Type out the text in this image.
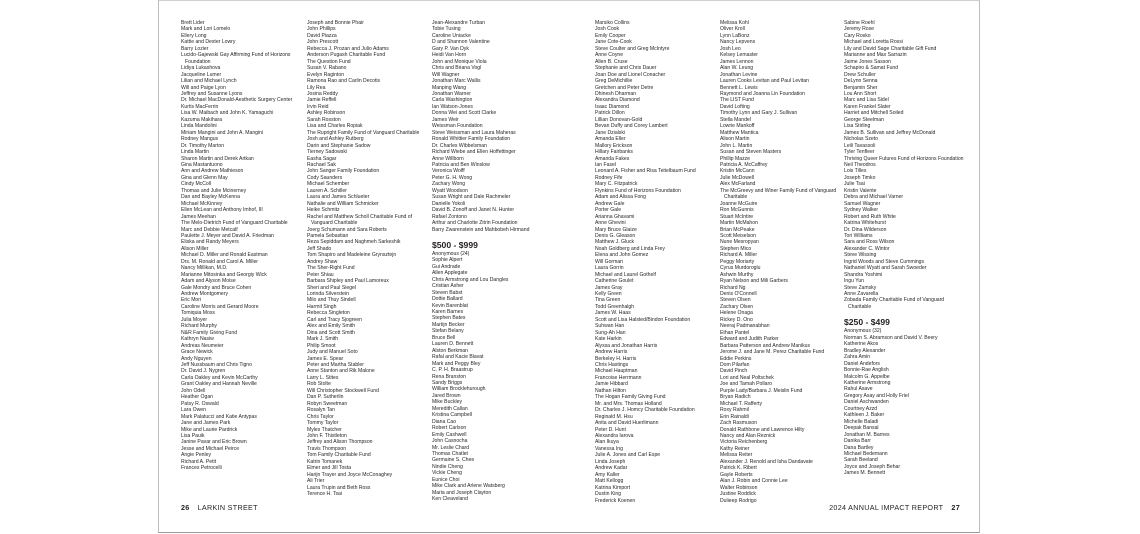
Brett Lider
Mark and Lori Lomelo
Ellery Long
Kattie and Dexter Lowry
Barry Lozier
Lucido-Gajewski Gay Affirming Fund of Horizons Foundation
Lidiya Lukashova
Jacqueline Lumer
Lilian and Michael Lynch
Will and Paige Lyon
Jeffrey and Susanne Lyons
Dr. Michael MacDonald-Aesthetic Surgery Center
Kurtis MacFerrin
Lisa W. Maibach and John K. Yamaguchi
Kazuma Makihara
Linda Mandolini
Miriam Mangini and John A. Mangini
Rodney Mangus
Dr. Timothy Marton
Linda Martin
Sharon Martin and Derek Artkan
Gina Mastantuono
Ann and Andrew Mathieson
Gina and Glenn May
Cindy McColl
Thomas and Julie Mcinerney
Dan and Bayley McKenna
Michael McKinney
Ellen McLean and Anthony Imhof, III
James Meehan
The Melo-Dietrich Fund of Vanguard Charitable
Marc and Debbie Metcalf
Paulette J. Meyer and David A. Friedman
Eliska and Randy Meyers
Alison Miller
Michael D. Miller and Ronald Eastman
Drs. M. Ronald and Carol A. Miller
Nancy Millikan, M.D.
Marianne Mitosinka and Georgiy Wick
Adam and Alyson Moise
Gale Mondry and Bruce Cohen
Andrew Montgomery
Eric Mori
Caroline Morris and Gerard Moore
Tomiquia Moss
Julia Moyer
Richard Murphy
N&R Family Giving Fund
Kathryn Nasiw
Andreas Neumeier
Grace Newick
Andy Nguyen
Jeff Nussbaum and Chris Tigno
Dr. David J. Nygren
Carla Oakley and Kevin McCarthy
Grant Oakley and Hannah Neville
John Odell
Heather Ogan
Patsy R. Oswald
Lara Owen
Mark Palatucci and Katie Antypas
Jane and James Park
Mike and Laurie Pardrick
Lisa Pauik
Janine Pavar and Eric Brown
Jesse and Michael Peirce
Angie Penley
Richard A. Petit
Frances Petrocelli
Joseph and Bonnie Phair
John Phillips
David Piazza
John Prescott
Rebecca J. Prozan and Julio Adams
Anderson Pugash Charitable Fund
The Question Fund
Susan V. Rabano
Evelyn Raginton
Ramona Rao and Carlin Decotis
Lily Rea
Josina Reddy
Jamie Reffell
Irvin Reid
Ashley Robinson
Sarah Rosston
Lisa and Charles Ropiak
The Rupright Family Fund of Vanguard Charitable
Josh and Ashley Rutberg
Darin and Stephanie Sadow
Tierney Sadowski
Easha Sagar
Rachael Sak
John Sanger Family Foundation
Cody Saunders
Michael Schember
Lauren A. Schiller
Laura and James Schlueter
Nathalie and William Schmicker
Heike Schmitz
Rachel and Matthew Scholl Charitable Fund of Vanguard Charitable
Joerg Schumann and Sara Roberts
Pamela Sebastian
Reza Sepiddam and Naghmeh Sarkeshik
Jeff Shado
Tom Shapiro and Madeleine Grynsztejn
Andrey Shaw
The Sher-Right Fund
Peter Shiau
Barbara Shipley and Paul Lamoreux
Sheri and Paul Siegel
Lorinda Silverstein
Milo and Thuy Sindell
Harmit Singh
Rebecca Singleton
Carl and Tracy Sjogreen
Alex and Emily Smith
Dina and Scott Smith
Mark J. Smith
Philip Smoot
Judy and Manuel Soto
James E. Spear
Peter and Martha Stabler
Anne Stanton and Rik Malone
Larry L. Stites
Rob Stolte
Will Christopher Stockwell Fund
Dan P. Sutherlin
Robyn Sweetman
Rosalyn Tan
Chris Taylor
Tommy Taylor
Myles Thatcher
John F. Thistleton
Jeffrey and Alison Thompson
Travis Thompson
Tom Family Charitable Fund
Katrin Tomanek
Elmer and Jill Tosta
Harijn Trayer and Joyce McConaghey
Ali Trier
Laura Trupin and Beth Ross
Terence H. Tsai
Jean-Alexandre Turban
Tobie Tusing
Caroline Uniacke
D and Shannon Valentine
Gary P. Van Dyk
Heidi Van Horn
John and Monique Viola
Chris and Briana Vogl
Will Wagner
Jonathan Marc Wallis
Manping Wang
Jonathan Warner
Carla Washington
Ian Watson-Jones
Donna Wei and Scott Clarke
James Weir
Weissman Foundation
Steve Weissman and Laura Maheras
Ronald Whittier Family Foundation
Dr. Charles Wibbelsman
Richard Wiebe and Ellen Hoffettinger
Anne Willborn
Patricia and Ben Winslow
Veronica Wolff
Peter G. H. Wong
Zachary Wong
Wyatt Woodson
Susan Wright and Dale Rachmeler
Danielle Yokoli
David B. Zonoff and Janet N. Hunter
Rafael Zontono
Arthur and Charlotte Zitrin Foundation
Barry Zwarenstein and Mahbobeh Hirmand
$500 - $999
Anonymous (24)
Sophie Alpert
Gui Andrade
Allen Applegate
Chris Armstrong and Lou Dangles
Cristian Asher
Steven Babst
Dottie Ballard
Kevin Barenblat
Karen Barnes
Stephen Bates
Martijn Becker
Stefan Belany
Bruce Bell
Lauren D. Bennett
Alston Berkman
Rafal and Kacie Blavat
Mark and Peggy Bley
C. P. H. Braastrup
Rena Branston
Sandy Briggs
William Brocklehurough
Jared Brown
Mike Buckley
Meredith Callan
Kristina Campbell
Diana Cao
Robert Carlson
Emily Cashwell
John Casnocha
Mr. Leslie Chard
Thomas Chatlet
Germaine S. Chee
Nindie Cheng
Vickie Cheng
Eunice Choi
Mike Clark and Arlene Watsberg
Maria and Joseph Clayton
Ken Cleaveland
Marsiko Collins
Josh Cook
Emily Cooper
Jane Cote-Cook
Steve Coulter and Greg McIntyre
Anne Coyne
Allen B. Cruse
Stephanie and Chris Dauer
Joan Doe and Lionel Conacher
Greg DeMichillie
Gretchen and Peter Detre
Dhinesh Dharman
Alexandra Diamond
Isaac Diamond
Patrick Dillon
Lillian Donovan-Gold
Bevan Duffy and Corey Lambert
Jane Dzialski
Amanda Eller
Mallory Erickson
Hillary Fairbanks
Amanda Fakes
Ian Fasel
Leonard A. Fisher and Risa Teitelbaum Fund
Rodney Fife
Mary C. Fitzpatrick
Flynkins Fund of Horizons Foundation
Adam and Alissa Fong
Andrew Gale
Porter Gale
Arianna Ghavami
Anne Ghevini
Mary Bruce Glaize
Denis G. Gleason
Matthew J. Gluck
Noah Goldberg and Linda Frey
Elena and John Gomez
Will Gorman
Laura Gorrin
Michael and Laurel Gothelf
Catherine Goulet
James Gray
Kelly Green
Tina Green
Todd Greenhalgh
James W. Haas
Scott and Lisa Halsted/Bindon Foundation
Suhwan Han
Sung-Ah Han
Kate Harkin
Alyssa and Jonathan Harris
Andrew Harris
Berkeley H. Harris
Chris Hastings
Michael Hauptman
Francoise Herrmann
Jamie Hibbard
Nathan Hilton
The Hogan Family Giving Fund
Mr. and Mrs. Thomas Holland
Dr. Charles J. Homcy Charitable Foundation
Reginald M. Hsu
Anita and David Huerlimann
Peter D. Hunt
Alexandra Iarova
Alan Ikuya
Vanessa Ing
Julie A. Jones and Carl Espe
Linda Joseph
Andrew Kadar
Amy Kaller
Matt Kellogg
Katrina Kimport
Dustin King
Frederick Koenen
Melissa Kohl
Oliver Kroll
Lynn LaBonz
Nancy Lepvens
Josh Leo
Kelsey Lemaster
James Lennon
Alan W. Leung
Jonathan Levine
Lauren Cooks Levitan and Paul Levitan
Bennett L. Lewis
Raymond and Joanna Lin Foundation
The LIST Fund
David Lofting
Timothy Lynn and Gary J. Sullivan
Stella Mandel
Lowrie Mankoff
Matthew Mantica
Alison Martin
John L. Martin
Susan and Steven Masters
Phillip Mazze
Patricia A. McCaffrey
Kristin McCann
Julie McDowell
Alex McFarland
The McGreevy and Winer Family Fund of Vanguard Charitable
Joanne McGuire
Ron McGunnis
Stuart McIntire
Martin McMahon
Brian McPeake
Scott Meiselson
Nune Mesropyan
Stephen Mico
Richard A. Miller
Peggy Moriarty
Cyrus Murdoroglu
Ashwin Murthy
Ryan Nelson and Mili Garbers
Richard Ng
Denis O'Connell
Steven Olsen
Zachary Olsen
Helene Onaga
Rickey D. Ono
Neeraj Padmanabhan
Ethan Pantel
Edward and Judith Parker
Barbara Patterson and Andrew Manikus
Jerome J. and Jane M. Perez Charitable Fund
Eddie Perkins
Dom Pilarfan
David Pinch
Lori and Neal Poltschek
Joe and Tamah Pollaro
Purple Lady/Barbara J. Meislin Fund
Bryan Radich
Michael T. Rafferty
Roxy Rahmil
Erin Rainaldi
Zach Rasmuson
Donald Rathbone and Lawrence Hilty
Nancy and Alan Reznick
Victoria Reichenberg
Kathy Reiner
Melissa Reiter
Alexander J. Renold and Isha Dandavate
Patrick K. Ribert
Gayle Roberts
Alan J. Robin and Connie Lee
Walter Robinson
Justine Roddick
Dulieep Rodrigo
Sabine Roehl
Jeremy Rose
Cary Rosko
Michael and Loretta Rossi
Lily and David Sage Charitable Gift Fund
Marianne and Max Sarrazin
Jaime Jones Sasson
Schapiro & Samat Fund
Drew Schuller
DeLynn Senna
Benjamin Sher
Lou Ann Short
Marc and Lisa Sidel
Karen Frankel Slater
Harriet and Mitchell Soiled
George Steelman
Lisa Stirling
James B. Sullivan and Jeffrey McDonald
Nicholas Szeto
Leili Tavassoli
Tyler Tenfleer
Thriving Queer Futures Fund of Horizons Foundation
Neil Theodros
Lois Tilles
Joseph Timko
Julie Tsai
Kristin Valente
Debra and Michael Varner
Samuel Wagner
Sydney Walker
Robert and Ruth White
Katrina Whitehurst
Dr. Dina Wilderson
Tori Williams
Sara and Ross Wilson
Alexander C. Wintor
Steve Wissing
Ingrid Woods and Steve Cummings
Nathaniel Wyatt and Sarah Swoeder
Shandra Yoshimi
Ingu Yun
Steve Zamsky
Anne Zavarella
Zobada Family Charitable Fund of Vanguard Charitable
$250 - $499
Anonymous (32)
Norman S. Abramson and David V. Beery
Katherine Akos
Bradley Alexander
Zahra Amin
Daniel Andefors
Bonnie-Rae Anglish
Malcolm G. Appelbe
Katherine Armstrong
Rahul Asave
Gregory Asay and Holly Friel
Daniel Aschwanden
Courtney Azzd
Kathleen J. Baker
Michelle Baladi
Deepak Bansal
Jonathan M. Barnes
Danika Barr
Dana Bartley
Michael Bedemann
Sarah Beeland
Joyce and Joseph Behar
James M. Bennett
26 LARKIN STREET	2024 ANNUAL IMPACT REPORT 27
